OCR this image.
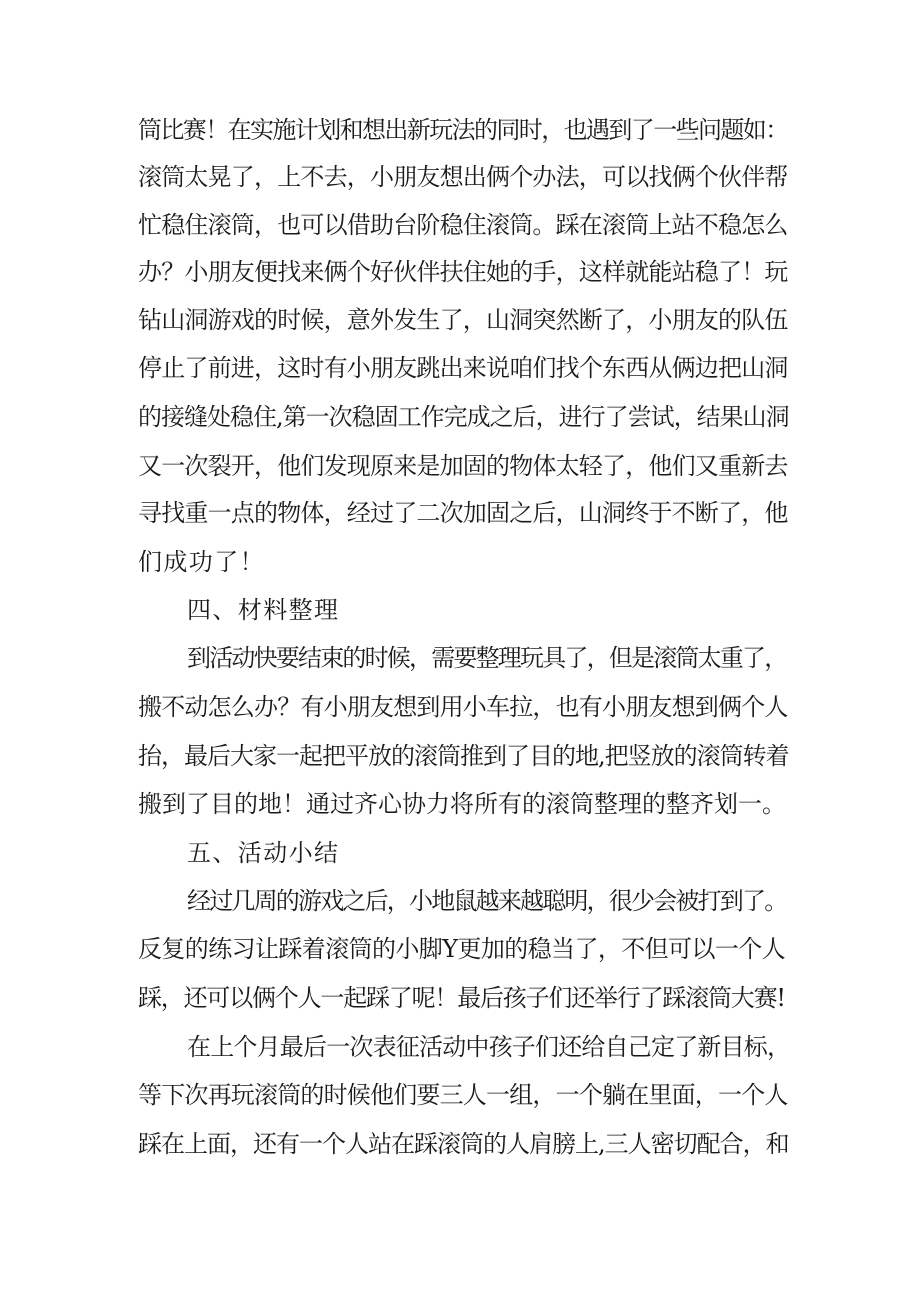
筒比赛！在实施计划和想出新玩法的同时，也遇到了一些问题如：
滚筒太晃了，上不去，小朋友想出俩个办法，可以找俩个伙伴帮
忙稳住滚筒，也可以借助台阶稳住滚筒。踩在滚筒上站不稳怎么
办？小朋友便找来俩个好伙伴扶住她的手，这样就能站稳了！玩
钻山洞游戏的时候，意外发生了，山洞突然断了，小朋友的队伍
停止了前进，这时有小朋友跳出来说咱们找个东西从俩边把山洞
的接缝处稳住,第一次稳固工作完成之后，进行了尝试，结果山洞
又一次裂开，他们发现原来是加固的物体太轻了，他们又重新去
寻找重一点的物体，经过了二次加固之后，山洞终于不断了，他
们成功了！
四、材料整理
到活动快要结束的时候，需要整理玩具了，但是滚筒太重了，
搬不动怎么办？有小朋友想到用小车拉，也有小朋友想到俩个人
抬，最后大家一起把平放的滚筒推到了目的地,把竖放的滚筒转着
搬到了目的地！通过齐心协力将所有的滚筒整理的整齐划一。
五、活动小结
经过几周的游戏之后，小地鼠越来越聪明，很少会被打到了。
反复的练习让踩着滚筒的小脚Y更加的稳当了，不但可以一个人
踩，还可以俩个人一起踩了呢！最后孩子们还举行了踩滚筒大赛!
在上个月最后一次表征活动中孩子们还给自己定了新目标，
等下次再玩滚筒的时候他们要三人一组，一个躺在里面，一个人
踩在上面，还有一个人站在踩滚筒的人肩膀上,三人密切配合，和
